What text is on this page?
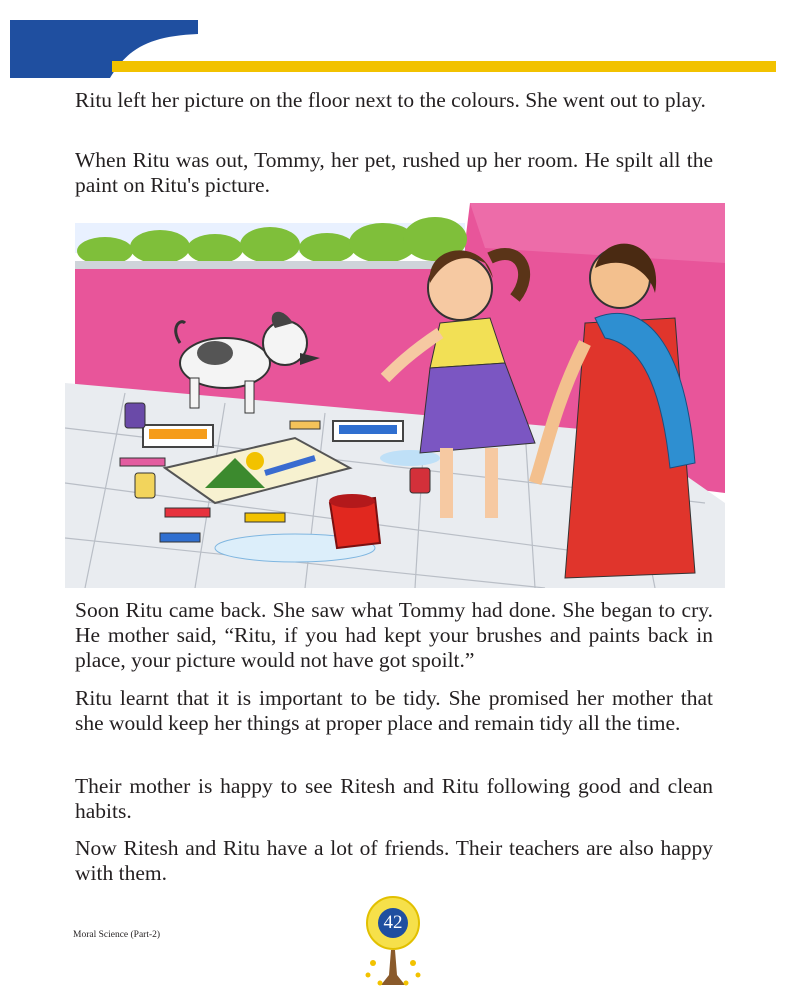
Ritu left her picture on the floor next to the colours. She went out to play.

When Ritu was out, Tommy, her pet, rushed up her room. He spilt all the paint on Ritu's picture.

Soon Ritu came back. She saw what Tommy had done. She began to cry. He mother said, “Ritu, if you had kept your brushes and paints back in place, your picture would not have got spoilt.”

Ritu learnt that it is important to be tidy. She promised her mother that she would keep her things at proper place and remain tidy all the time.

Their mother is happy to see Ritesh and Ritu following good and clean habits.

Now Ritesh and Ritu have a lot of friends. Their teachers are also happy with them.

Moral Science (Part-2)
42
